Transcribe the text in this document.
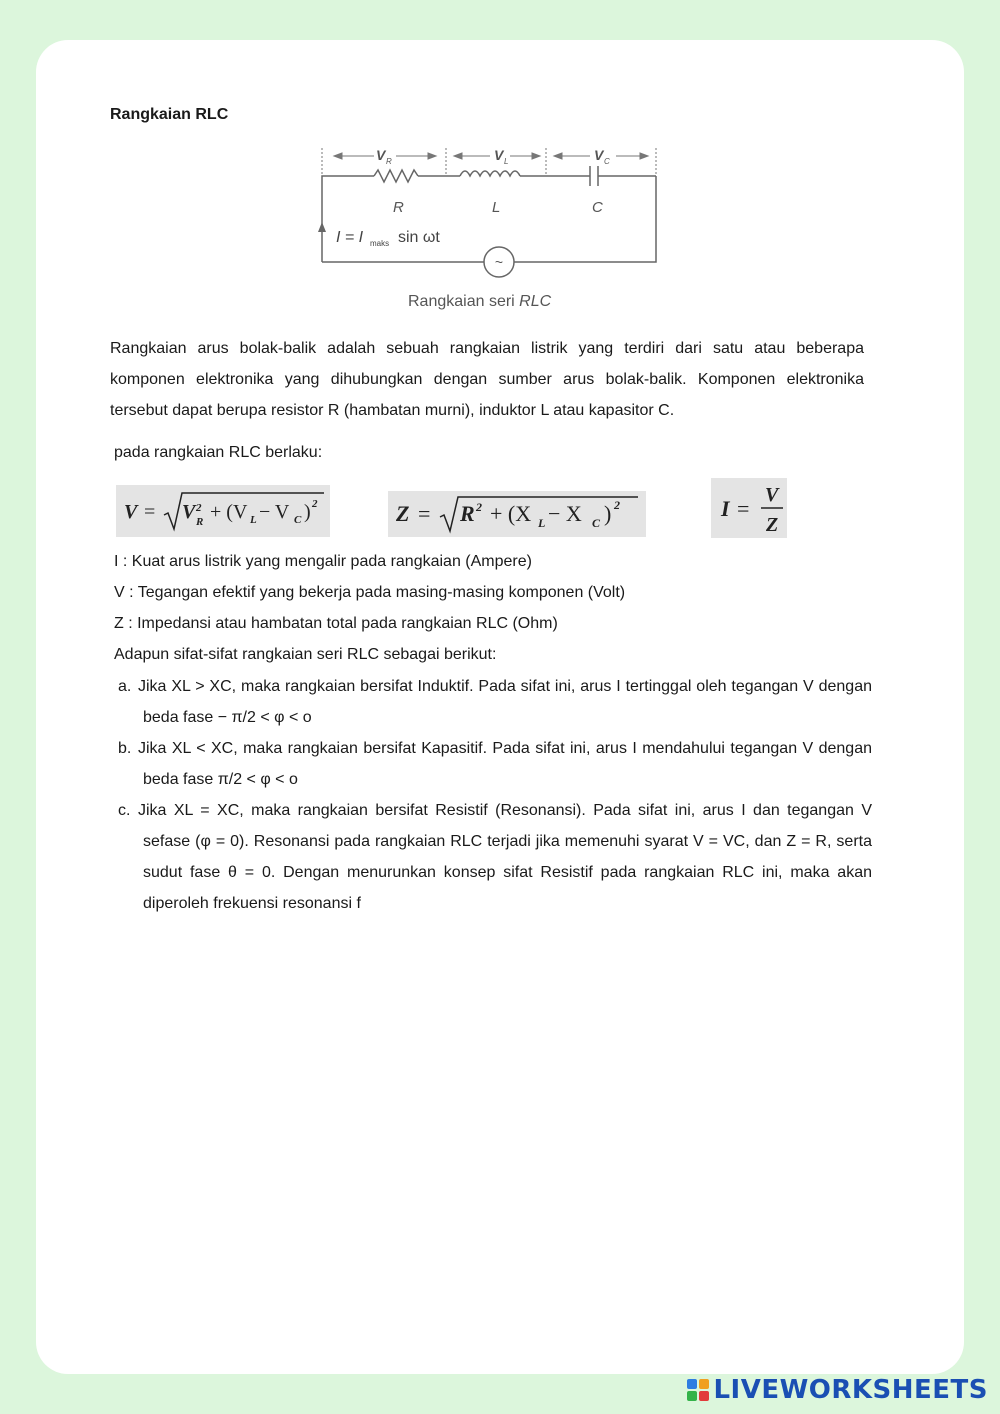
Rangkaian RLC
V R	V L	V C
~
R	L	C
I = I maks sin ωt
Rangkaian seri RLC

Rangkaian arus bolak-balik adalah sebuah rangkaian listrik yang terdiri dari satu atau beberapa komponen elektronika yang dihubungkan dengan sumber arus bolak-balik. Komponen elektronika tersebut dapat berupa resistor R (hambatan murni), induktor L atau kapasitor C.

pada rangkaian RLC berlaku:

V = V 2
R + (V L − V C ) 2	Z = R 2 + (X L − X C ) 2	I =
V
Z
I : Kuat arus listrik yang mengalir pada rangkaian (Ampere)
V : Tegangan efektif yang bekerja pada masing-masing komponen (Volt)
Z : Impedansi atau hambatan total pada rangkaian RLC (Ohm)
Adapun sifat-sifat rangkaian seri RLC sebagai berikut:
a. Jika XL > XC, maka rangkaian bersifat Induktif. Pada sifat ini, arus I tertinggal oleh tegangan V dengan beda fase − π/2 < φ < o
b. Jika XL < XC, maka rangkaian bersifat Kapasitif. Pada sifat ini, arus I mendahului tegangan V dengan beda fase π/2 < φ < o
c. Jika XL = XC, maka rangkaian bersifat Resistif (Resonansi). Pada sifat ini, arus I dan tegangan V sefase (φ = 0). Resonansi pada rangkaian RLC terjadi jika memenuhi syarat V = VC, dan Z = R, serta sudut fase θ = 0. Dengan menurunkan konsep sifat Resistif pada rangkaian RLC ini, maka akan diperoleh frekuensi resonansi f
LIVEWORKSHEETS
